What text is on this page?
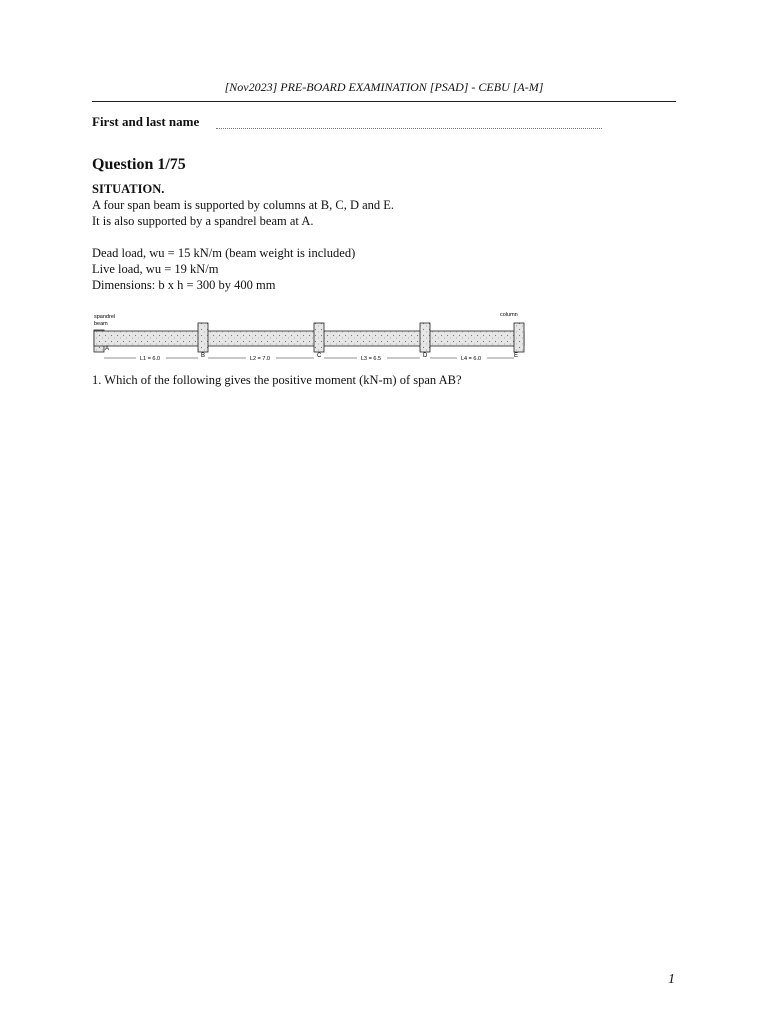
[Nov2023] PRE-BOARD EXAMINATION [PSAD] - CEBU [A-M]
First and last name
Question 1/75
SITUATION.
A four span beam is supported by columns at B, C, D and E.
It is also supported by a spandrel beam at A.
Dead load, wu = 15 kN/m (beam weight is included)
Live load, wu = 19 kN/m
Dimensions: b x h = 300 by 400 mm
spandrel
beam
column
A
B	C	D	E
L1 = 6.0	L2 = 7.0	L3 = 6.5	L4 = 6.0
1. Which of the following gives the positive moment (kN-m) of span AB?
1
